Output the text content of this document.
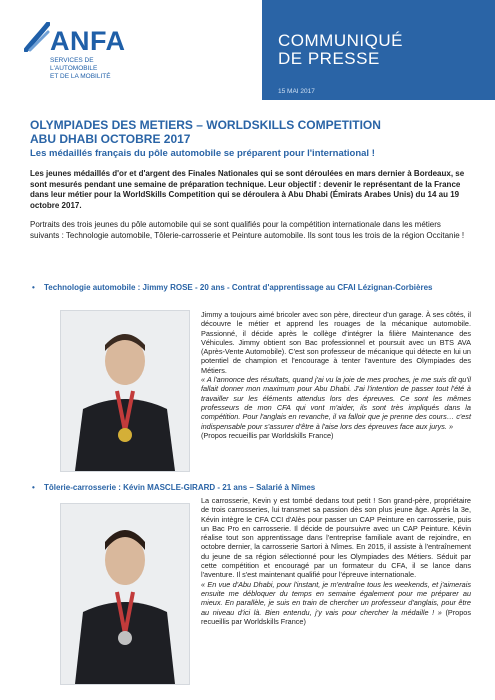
ANFA
SERVICES DE L'AUTOMOBILE
ET DE LA MOBILITÉ
COMMUNIQUÉ
DE PRESSE
15 MAI 2017
OLYMPIADES DES METIERS – WORLDSKILLS COMPETITION
ABU DHABI OCTOBRE 2017

Les médaillés français du pôle automobile se préparent pour l'international !

Les jeunes médaillés d'or et d'argent des Finales Nationales qui se sont déroulées en mars dernier à Bordeaux, se sont mesurés pendant une semaine de préparation technique. Leur objectif : devenir le représentant de la France dans leur métier pour la WorldSkills Competition qui se déroulera à Abu Dhabi (Émirats Arabes Unis) du 14 au 19 octobre 2017.

Portraits des trois jeunes du pôle automobile qui se sont qualifiés pour la compétition internationale dans les métiers suivants : Technologie automobile, Tôlerie-carrosserie et Peinture automobile. Ils sont tous les trois de la région Occitanie !

• Technologie automobile : Jimmy ROSE - 20 ans - Contrat d'apprentissage au CFAI Lézignan-Corbières

Jimmy a toujours aimé bricoler avec son père, directeur d'un garage. À ses côtés, il découvre le métier et apprend les rouages de la mécanique automobile. Passionné, il décide après le collège d'intégrer la filière Maintenance des Véhicules. Jimmy obtient son Bac professionnel et poursuit avec un BTS AVA (Après-Vente Automobile). C'est son professeur de mécanique qui détecte en lui un potentiel de champion et l'encourage à tenter l'aventure des Olympiades des Métiers.

« A l'annonce des résultats, quand j'ai vu la joie de mes proches, je me suis dit qu'il fallait donner mon maximum pour Abu Dhabi. J'ai l'intention de passer tout l'été à travailler sur les éléments attendus lors des épreuves. Ce sont les mêmes professeurs de mon CFA qui vont m'aider, ils sont très impliqués dans la compétition. Pour l'anglais en revanche, il va falloir que je prenne des cours… c'est indispensable pour s'assurer d'être à l'aise lors des épreuves face aux jurys. »

(Propos recueillis par Worldskills France)

• Tôlerie-carrosserie : Kévin MASCLE-GIRARD - 21 ans – Salarié à Nîmes

La carrosserie, Kevin y est tombé dedans tout petit ! Son grand-père, propriétaire de trois carrosseries, lui transmet sa passion dès son plus jeune âge. Après la 3e, Kévin intègre le CFA CCI d'Alès pour passer un CAP Peinture en carrosserie, puis un Bac Pro en carrosserie. Il décide de poursuivre avec un CAP Peinture. Kévin réalise tout son apprentissage dans l'entreprise familiale avant de rejoindre, en octobre dernier, la carrosserie Sartori à Nîmes. En 2015, il assiste à l'entraînement du jeune de sa région sélectionné pour les Olympiades des Métiers. Séduit par cette compétition et encouragé par un formateur du CFA, il se lance dans l'aventure. Il s'est maintenant qualifié pour l'épreuve internationale.

« En vue d'Abu Dhabi, pour l'instant, je m'entraîne tous les weekends, et j'aimerais ensuite me débloquer du temps en semaine également pour me préparer au mieux. En parallèle, je suis en train de chercher un professeur d'anglais, pour être au niveau d'ici là. Bien entendu, j'y vais pour chercher la médaille ! » (Propos recueillis par Worldskills France)
